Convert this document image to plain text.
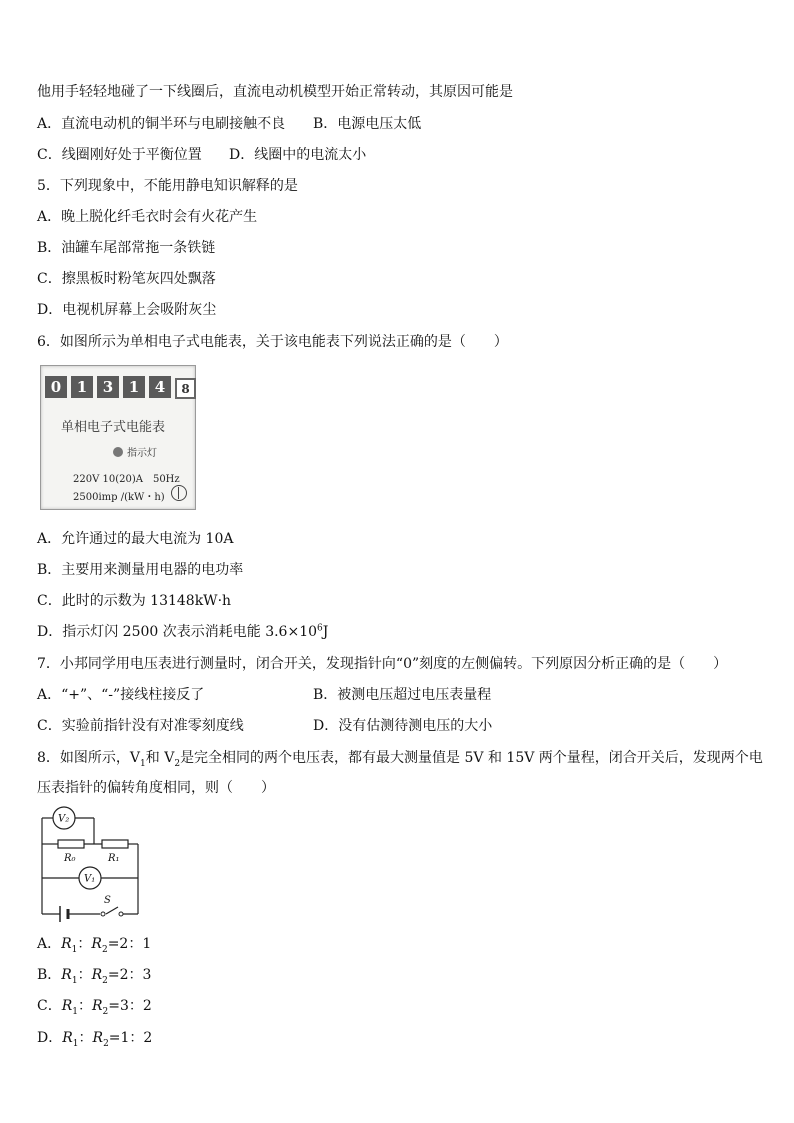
他用手轻轻地碰了一下线圈后，直流电动机模型开始正常转动，其原因可能是
A．直流电动机的铜半环与电刷接触不良 B．电源电压太低
C．线圈刚好处于平衡位置 D．线圈中的电流太小
5．下列现象中，不能用静电知识解释的是
A．晚上脱化纤毛衣时会有火花产生
B．油罐车尾部常拖一条铁链
C．擦黑板时粉笔灰四处飘落
D．电视机屏幕上会吸附灰尘
6．如图所示为单相电子式电能表，关于该电能表下列说法正确的是（　　）
0	1	3	1	4	8
单相电子式电能表
指示灯
220V 10(20)A　50Hz
2500imp /(kW・h)
A．允许通过的最大电流为 10A
B．主要用来测量用电器的电功率
C．此时的示数为 13148kW·h
D．指示灯闪 2500 次表示消耗电能 $3.6\times 10^6J$
7．小邦同学用电压表进行测量时，闭合开关，发现指针向“0”刻度的左侧偏转。下列原因分析正确的是（　　）
A．“+”、“-”接线柱接反了	B．被测电压超过电压表量程
C．实验前指针没有对准零刻度线	D．没有估测待测电压的大小
8．如图所示，$V_1$和 $V_2$是完全相同的两个电压表，都有最大测量值是 5V 和 15V 两个量程，闭合开关后，发现两个电
压表指针的偏转角度相同，则（　　）
V₂
R₀	R₁
V₁
S
A．$R_1$：$R_2=2$：1
B．$R_1$：$R_2=2$：3
C．$R_1$：$R_2=3$：2
D．$R_1$：$R_2=1$：2
